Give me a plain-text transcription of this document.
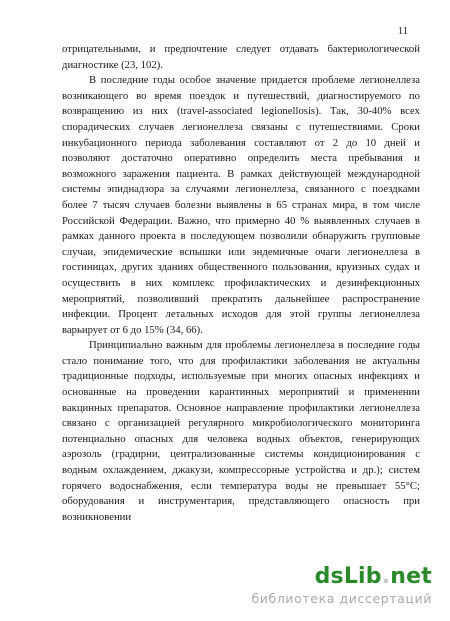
11

отрицательными, и предпочтение следует отдавать бактериологической диагностике (23, 102).

В последние годы особое значение придается проблеме легионеллеза возникающего во время поездок и путешествий, диагностируемого по возвращению из них (travel-associated legionellosis). Так, 30-40% всех спорадических случаев легионеллеза связаны с путешествиями. Сроки инкубационного периода заболевания составляют от 2 до 10 дней и позволяют достаточно оперативно определить места пребывания и возможного заражения пациента. В рамках действующей международной системы эпиднадзора за случаями легионеллеза, связанного с поездками более 7 тысяч случаев болезни выявлены в 65 странах мира, в том числе Российской Федерации. Важно, что примерно 40 % выявленных случаев в рамках данного проекта в последующем позволили обнаружить групповые случаи, эпидемические вспышки или эндемичные очаги легионеллеза в гостиницах, других зданиях общественного пользования, круизных судах и осуществить в них комплекс профилактических и дезинфекционных мероприятий, позволивший прекратить дальнейшее распространение инфекции. Процент летальных исходов для этой группы легионеллеза варьирует от 6 до 15% (34, 66).

Принципиально важным для проблемы легионеллеза в последние годы стало понимание того, что для профилактики заболевания не актуальны традиционные подходы, используемые при многих опасных инфекциях и основанные на проведении карантинных мероприятий и применении вакцинных препаратов. Основное направление профилактики легионеллеза связано с организацией регулярного микробиологического мониторинга потенциально опасных для человека водных объектов, генерирующих аэрозоль (градирни, централизованные системы кондиционирования с водным охлаждением, джакузи, компрессорные устройства и др.); систем горячего водоснабжения, если температура воды не превышает 55°С; оборудования и инструментария, представляющего опасность при возникновении

dsLib.net
библиотека диссертаций
